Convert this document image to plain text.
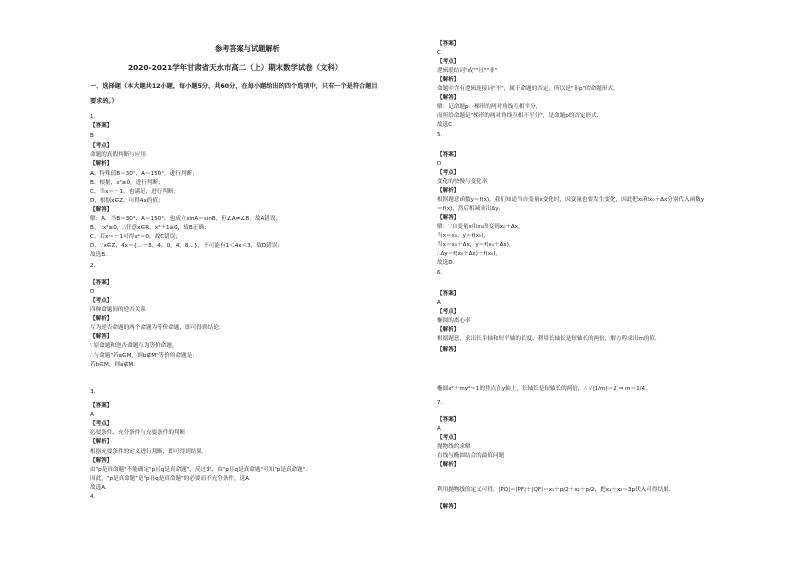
参考答案与试题解析
2020-2021学年甘肃省天水市高二（上）期末数学试卷（文科）
一、选择题（本大题共12小题，每小题5分，共60分，在每小题给出的四个选项中，只有一个是符合题目
要求的。）
1.
【答案】
B
【考点】
命题的真假判断与应用
【解析】
A、特殊值B＝30°，A＝150°，进行判断；
B、根据，x²≥0，进行判断；
C、当x＝－1，也满足，进行判断；
D、根据x∈Z，可得4x的值；
【解答】
解：A、当B＝30°，A＝150°，也成立sinA＝sinB，但∠A≠∠B，故A错误；
B、∵x²≥0，∴任意x∈R，x²＋1≥0，故B正确；
C、若x＝－1可得x²＝0，故C错误；
D、∵x∈Z，4x＝{…－8，4，0，4，8…}，不可能有1＜4x＜3，故D错误；
故选B．
2.
【答案】
D
【考点】
四种命题间的逆否关系
【解析】
互为逆否命题的两个命题为等价命题，即可得到结论．
【解答】
∵原命题和逆否命题互为等价命题，
∴与命题"若a∈M，则b∉M"等价的命题是：
若b∈M，则a∉M．
3.
【答案】
A
【考点】
必要条件、充分条件与充要条件的判断
【解析】
根据充要条件的定义进行判断，即可得到结果．
【解答】
由"p是真命题"不能确定"p且q是真命题"，反过来，由"p且q是真命题"可知"p是真命题".
因此，"p是真命题"是"p且q是真命题"的必要而不充分条件，选A．
故选A．
4.
【答案】
C
【考点】
逻辑联结词"或""且""非"
【解析】
命题中含有逻辑连接词"不"，属于命题的否定，所以是"非p"的命题形式．
【解答】
解：记命题p：梯形的两对角线互相平分，
而所给命题是"梯形的两对角线互相不平分"，是命题p的否定形式．
故选C．
5.
【答案】
D
【考点】
变化的快慢与变化率
【解析】
根据题意函数y＝f(x)，我们知道当自变量x变化时，因变量也要发生变化，因此把x₀和x₀＋Δx分别代入函数y
＝f(x)，然后相减求出Δy．
【解答】
解：∵自变量x由x₀改变到x₀＋Δx，
当x＝x₀，y＝f(x₀)，
当x＝x₀＋Δx，y＝f(x₀＋Δx)，
∴Δy＝f(x₀＋Δx)－f(x₀)，
故选D．
6.
【答案】
A
【考点】
椭圆的离心率
【解析】
根据题意，求出长半轴和短半轴的长度，利用长轴长是短轴长的两倍，解方程求出m的值．
【解答】
椭圆x²＋my²＝1的焦点在y轴上，长轴长是短轴长的两倍，∴ √(1/m)＝2 ⇒ m＝1/4，
7.
【答案】
A
【考点】
抛物线的求解
直线与椭圆结合的最值问题
【解析】
利用抛物线的定义可得，|PQ|＝|PF|＋|QF|＝x₁＋p/2＋x₂＋p/2，把x₁＋x₂＝3p代入可得结果．
【解答】
